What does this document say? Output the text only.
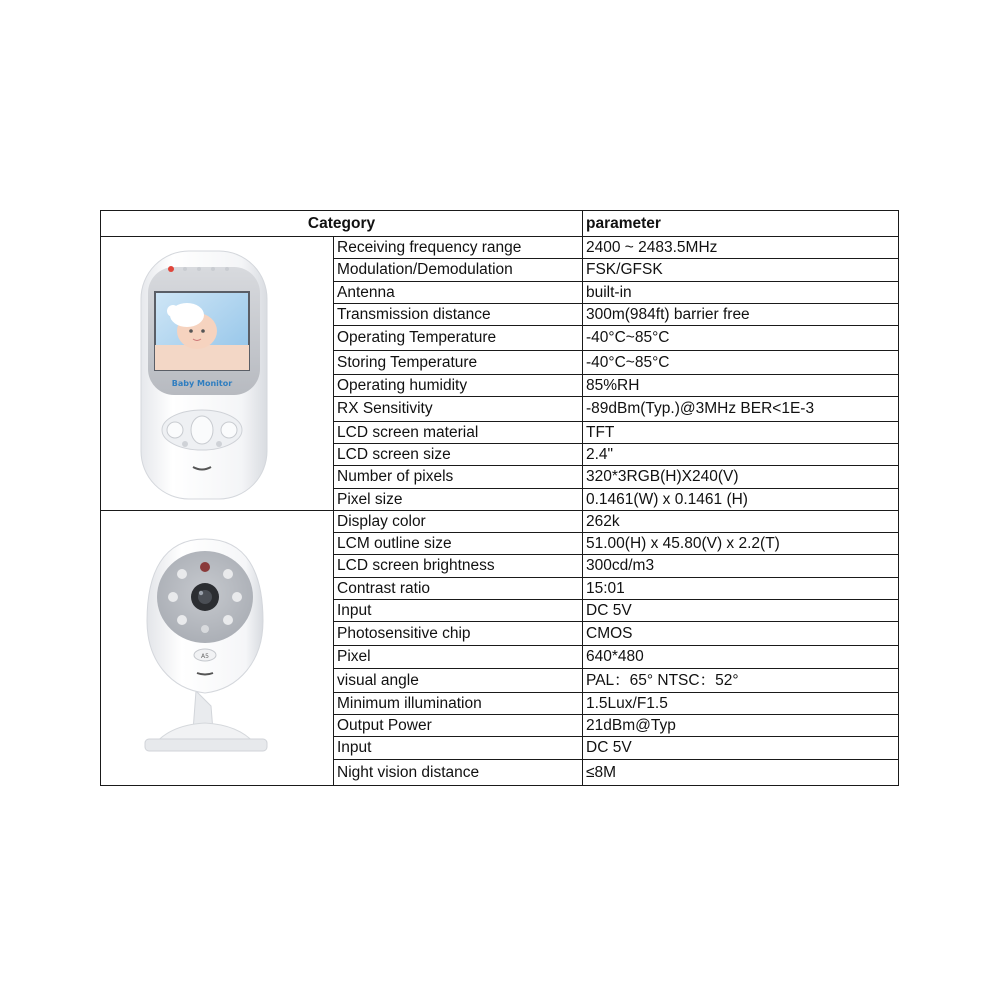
Category		parameter

Baby Monitor	Receiving frequency range	2400 ~ 2483.5MHz
	Modulation/Demodulation	FSK/GFSK
	Antenna	built-in
	Transmission distance	300m(984ft) barrier free
	Operating Temperature	-40°C~85°C
	Storing Temperature	-40°C~85°C
	Operating humidity	85%RH
	RX Sensitivity	-89dBm(Typ.)@3MHz BER<1E-3
	LCD screen material	TFT
	LCD screen size	2.4"
	Number of pixels	320*3RGB(H)X240(V)
	Pixel size	0.1461(W) x 0.1461 (H)

A5	Display color	262k
	LCM outline size	51.00(H) x 45.80(V) x 2.2(T)
	LCD screen brightness	300cd/m3
	Contrast ratio	15:01
	Input	DC 5V
	Photosensitive chip	CMOS
	Pixel	640*480
	visual angle	PAL：65° NTSC：52°
	Minimum illumination	1.5Lux/F1.5
	Output Power	21dBm@Typ
	Input	DC 5V
	Night vision distance	≤8M
